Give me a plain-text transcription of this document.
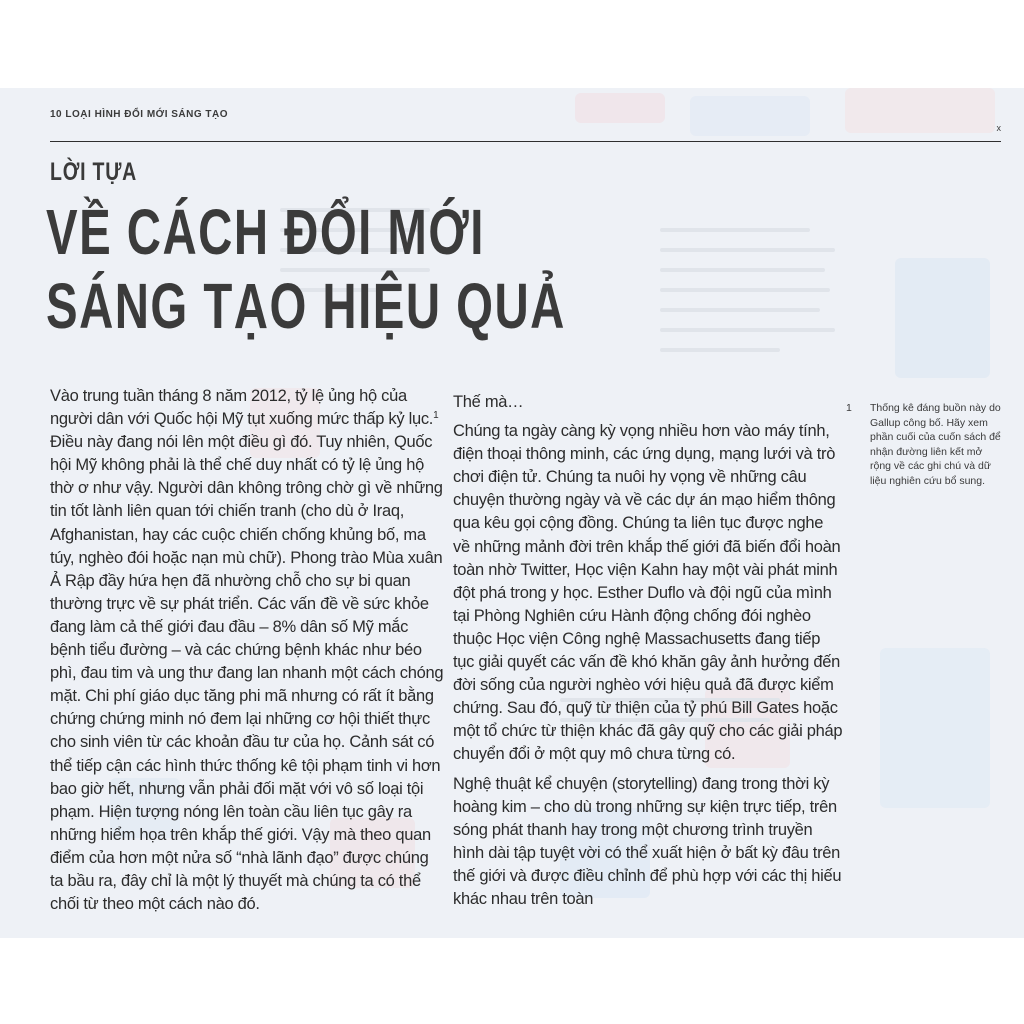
10 LOẠI HÌNH ĐỔI MỚI SÁNG TẠO
x
LỜI TỰA
VỀ CÁCH ĐỔI MỚI
SÁNG TẠO HIỆU QUẢ

Vào trung tuần tháng 8 năm 2012, tỷ lệ ủng hộ của người dân với Quốc hội Mỹ tụt xuống mức thấp kỷ lục.$^1$ Điều này đang nói lên một điều gì đó. Tuy nhiên, Quốc hội Mỹ không phải là thể chế duy nhất có tỷ lệ ủng hộ thờ ơ như vậy. Người dân không trông chờ gì về những tin tốt lành liên quan tới chiến tranh (cho dù ở Iraq, Afghanistan, hay các cuộc chiến chống khủng bố, ma túy, nghèo đói hoặc nạn mù chữ). Phong trào Mùa xuân Ả Rập đầy hứa hẹn đã nhường chỗ cho sự bi quan thường trực về sự phát triển. Các vấn đề về sức khỏe đang làm cả thế giới đau đầu – 8% dân số Mỹ mắc bệnh tiểu đường – và các chứng bệnh khác như béo phì, đau tim và ung thư đang lan nhanh một cách chóng mặt. Chi phí giáo dục tăng phi mã nhưng có rất ít bằng chứng chứng minh nó đem lại những cơ hội thiết thực cho sinh viên từ các khoản đầu tư của họ. Cảnh sát có thể tiếp cận các hình thức thống kê tội phạm tinh vi hơn bao giờ hết, nhưng vẫn phải đối mặt với vô số loại tội phạm. Hiện tượng nóng lên toàn cầu liên tục gây ra những hiểm họa trên khắp thế giới. Vậy mà theo quan điểm của hơn một nửa số “nhà lãnh đạo” được chúng ta bầu ra, đây chỉ là một lý thuyết mà chúng ta có thể chối từ theo một cách nào đó.

Thế mà…

Chúng ta ngày càng kỳ vọng nhiều hơn vào máy tính, điện thoại thông minh, các ứng dụng, mạng lưới và trò chơi điện tử. Chúng ta nuôi hy vọng về những câu chuyện thường ngày và về các dự án mạo hiểm thông qua kêu gọi cộng đồng. Chúng ta liên tục được nghe về những mảnh đời trên khắp thế giới đã biến đổi hoàn toàn nhờ Twitter, Học viện Kahn hay một vài phát minh đột phá trong y học. Esther Duflo và đội ngũ của mình tại Phòng Nghiên cứu Hành động chống đói nghèo thuộc Học viện Công nghệ Massachusetts đang tiếp tục giải quyết các vấn đề khó khăn gây ảnh hưởng đến đời sống của người nghèo với hiệu quả đã được kiểm chứng. Sau đó, quỹ từ thiện của tỷ phú Bill Gates hoặc một tổ chức từ thiện khác đã gây quỹ cho các giải pháp chuyển đổi ở một quy mô chưa từng có.

Nghệ thuật kể chuyện (storytelling) đang trong thời kỳ hoàng kim – cho dù trong những sự kiện trực tiếp, trên sóng phát thanh hay trong một chương trình truyền hình dài tập tuyệt vời có thể xuất hiện ở bất kỳ đâu trên thế giới và được điều chỉnh để phù hợp với các thị hiếu khác nhau trên toàn

1 Thống kê đáng buồn này do Gallup công bố. Hãy xem phần cuối của cuốn sách để nhận đường liên kết mở rộng về các ghi chú và dữ liệu nghiên cứu bổ sung.
